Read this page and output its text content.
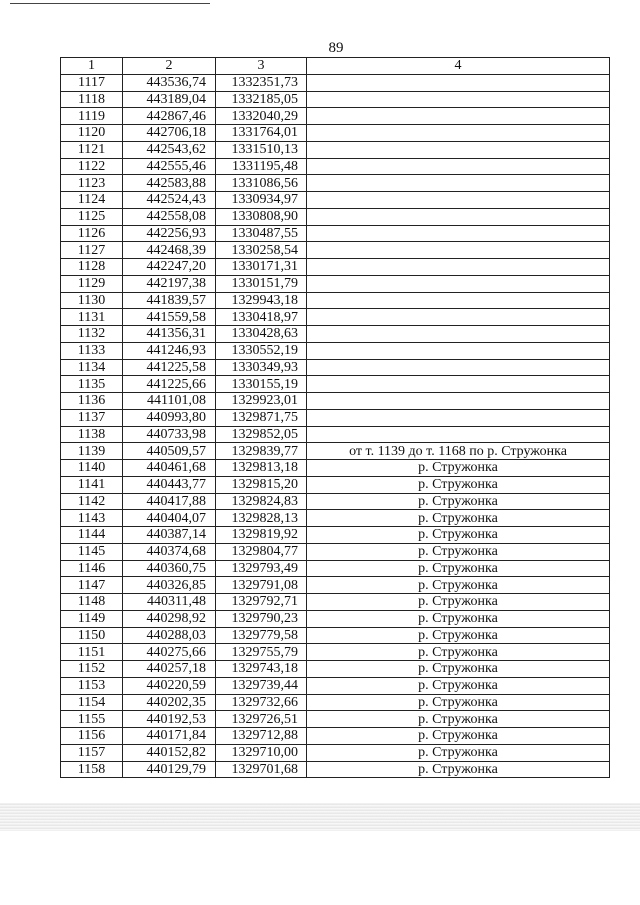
89
1	2	3	4
1117	443536,74	1332351,73	
1118	443189,04	1332185,05	
1119	442867,46	1332040,29	
1120	442706,18	1331764,01	
1121	442543,62	1331510,13	
1122	442555,46	1331195,48	
1123	442583,88	1331086,56	
1124	442524,43	1330934,97	
1125	442558,08	1330808,90	
1126	442256,93	1330487,55	
1127	442468,39	1330258,54	
1128	442247,20	1330171,31	
1129	442197,38	1330151,79	
1130	441839,57	1329943,18	
1131	441559,58	1330418,97	
1132	441356,31	1330428,63	
1133	441246,93	1330552,19	
1134	441225,58	1330349,93	
1135	441225,66	1330155,19	
1136	441101,08	1329923,01	
1137	440993,80	1329871,75	
1138	440733,98	1329852,05	
1139	440509,57	1329839,77	от т. 1139 до т. 1168 по р. Стружонка
1140	440461,68	1329813,18	р. Стружонка
1141	440443,77	1329815,20	р. Стружонка
1142	440417,88	1329824,83	р. Стружонка
1143	440404,07	1329828,13	р. Стружонка
1144	440387,14	1329819,92	р. Стружонка
1145	440374,68	1329804,77	р. Стружонка
1146	440360,75	1329793,49	р. Стружонка
1147	440326,85	1329791,08	р. Стружонка
1148	440311,48	1329792,71	р. Стружонка
1149	440298,92	1329790,23	р. Стружонка
1150	440288,03	1329779,58	р. Стружонка
1151	440275,66	1329755,79	р. Стружонка
1152	440257,18	1329743,18	р. Стружонка
1153	440220,59	1329739,44	р. Стружонка
1154	440202,35	1329732,66	р. Стружонка
1155	440192,53	1329726,51	р. Стружонка
1156	440171,84	1329712,88	р. Стружонка
1157	440152,82	1329710,00	р. Стружонка
1158	440129,79	1329701,68	р. Стружонка
